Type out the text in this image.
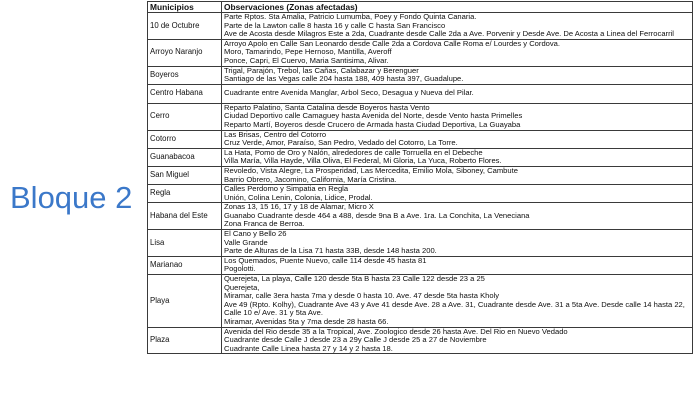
Bloque 2
Municipios	Observaciones (Zonas afectadas)
10 de Octubre	Parte Rptos. Sta Amalia, Patricio Lumumba, Poey y Fondo Quinta Canaria.
Parte de la Lawton calle 8 hasta 16 y calle C hasta San Francisco
Ave de Acosta desde Milagros Este a 2da, Cuadrante desde Calle 2da a Ave. Porvenir y Desde Ave. De Acosta a Linea del Ferrocarril

Arroyo Naranjo	Arroyo Apolo en Calle San Leonardo desde Calle 2da a Cordova Calle Roma e/ Lourdes y Cordova.
Moro, Tamarindo, Pepe Hernoso, Mantilla, Averoff
Ponce, Capri, El Cuervo, Maria Santisima, Alivar.

Boyeros	Trigal, Parajón, Trebol, las Cañas, Calabazar y Berenguer
Santiago de las Vegas calle 204 hasta 188, 409 hasta 397, Guadalupe.

Centro Habana	Cuadrante entre Avenida Manglar, Arbol Seco, Desagua y Nueva del Pilar.

Cerro	Reparto Palatino, Santa Catalina desde Boyeros hasta Vento
Ciudad Deportivo calle Camaguey hasta Avenida del Norte, desde Vento hasta Primelles
Reparto Martí, Boyeros desde Crucero de Armada hasta Ciudad Deportiva, La Guayaba

Cotorro	Las Brisas, Centro del Cotorro
Cruz Verde, Amor, Paraíso, San Pedro, Vedado del Cotorro, La Torre.

Guanabacoa	La Hata, Pomo de Oro y Nalón, alrededores de calle Torruella en el Debeche
Villa María, Villa Hayde, Villa Oliva, El Federal, Mi Gloria, La Yuca, Roberto Flores.

San Miguel	Revoledo, Vista Alegre, La Prosperidad, Las Mercedita, Emilio Mola, Siboney, Cambute
Barrio Obrero, Jacomino, California, María Cristina.

Regla	Calles Perdomo y Simpatia en Regla
Unión, Colina Lenin, Colonia, Lidice, Prodal.

Habana del Este	Zonas 13, 15 16, 17 y 18 de Alamar, Micro X
Guanabo Cuadrante desde 464 a 488, desde 9na B a Ave. 1ra. La Conchita, La Veneciana
Zona Franca de Berroa.

Lisa	El Cano y Bello 26
Valle Grande
Parte de Alturas de la Lisa 71 hasta 33B, desde 148 hasta 200.

Marianao	Los Quemados, Puente Nuevo, calle 114 desde 45 hasta 81
Pogolotti.

Playa	Querejeta, La playa, Calle 120 desde 5ta B hasta 23 Calle 122 desde 23 a 25
Querejeta,
Miramar, calle 3era hasta 7ma y desde 0 hasta 10. Ave. 47 desde 5ta hasta Kholy
Ave 49 (Rpto. Kolhy), Cuadrante Ave 43 y Ave 41 desde Ave. 28 a Ave. 31, Cuadrante desde Ave. 31 a 5ta Ave. Desde calle 14 hasta 22, Calle 10 e/ Ave. 31 y 5ta Ave.
Miramar, Avenidas 5ta y 7ma desde 28 hasta 66.

Plaza	Avenida del Rio desde 35 a la Tropical, Ave. Zoologico desde 26 hasta Ave. Del Rio en Nuevo Vedado
Cuadrante desde Calle J desde 23 a 29y Calle J desde 25 a 27 de Noviembre
Cuadrante Calle Linea hasta 27 y 14 y 2 hasta 18.
